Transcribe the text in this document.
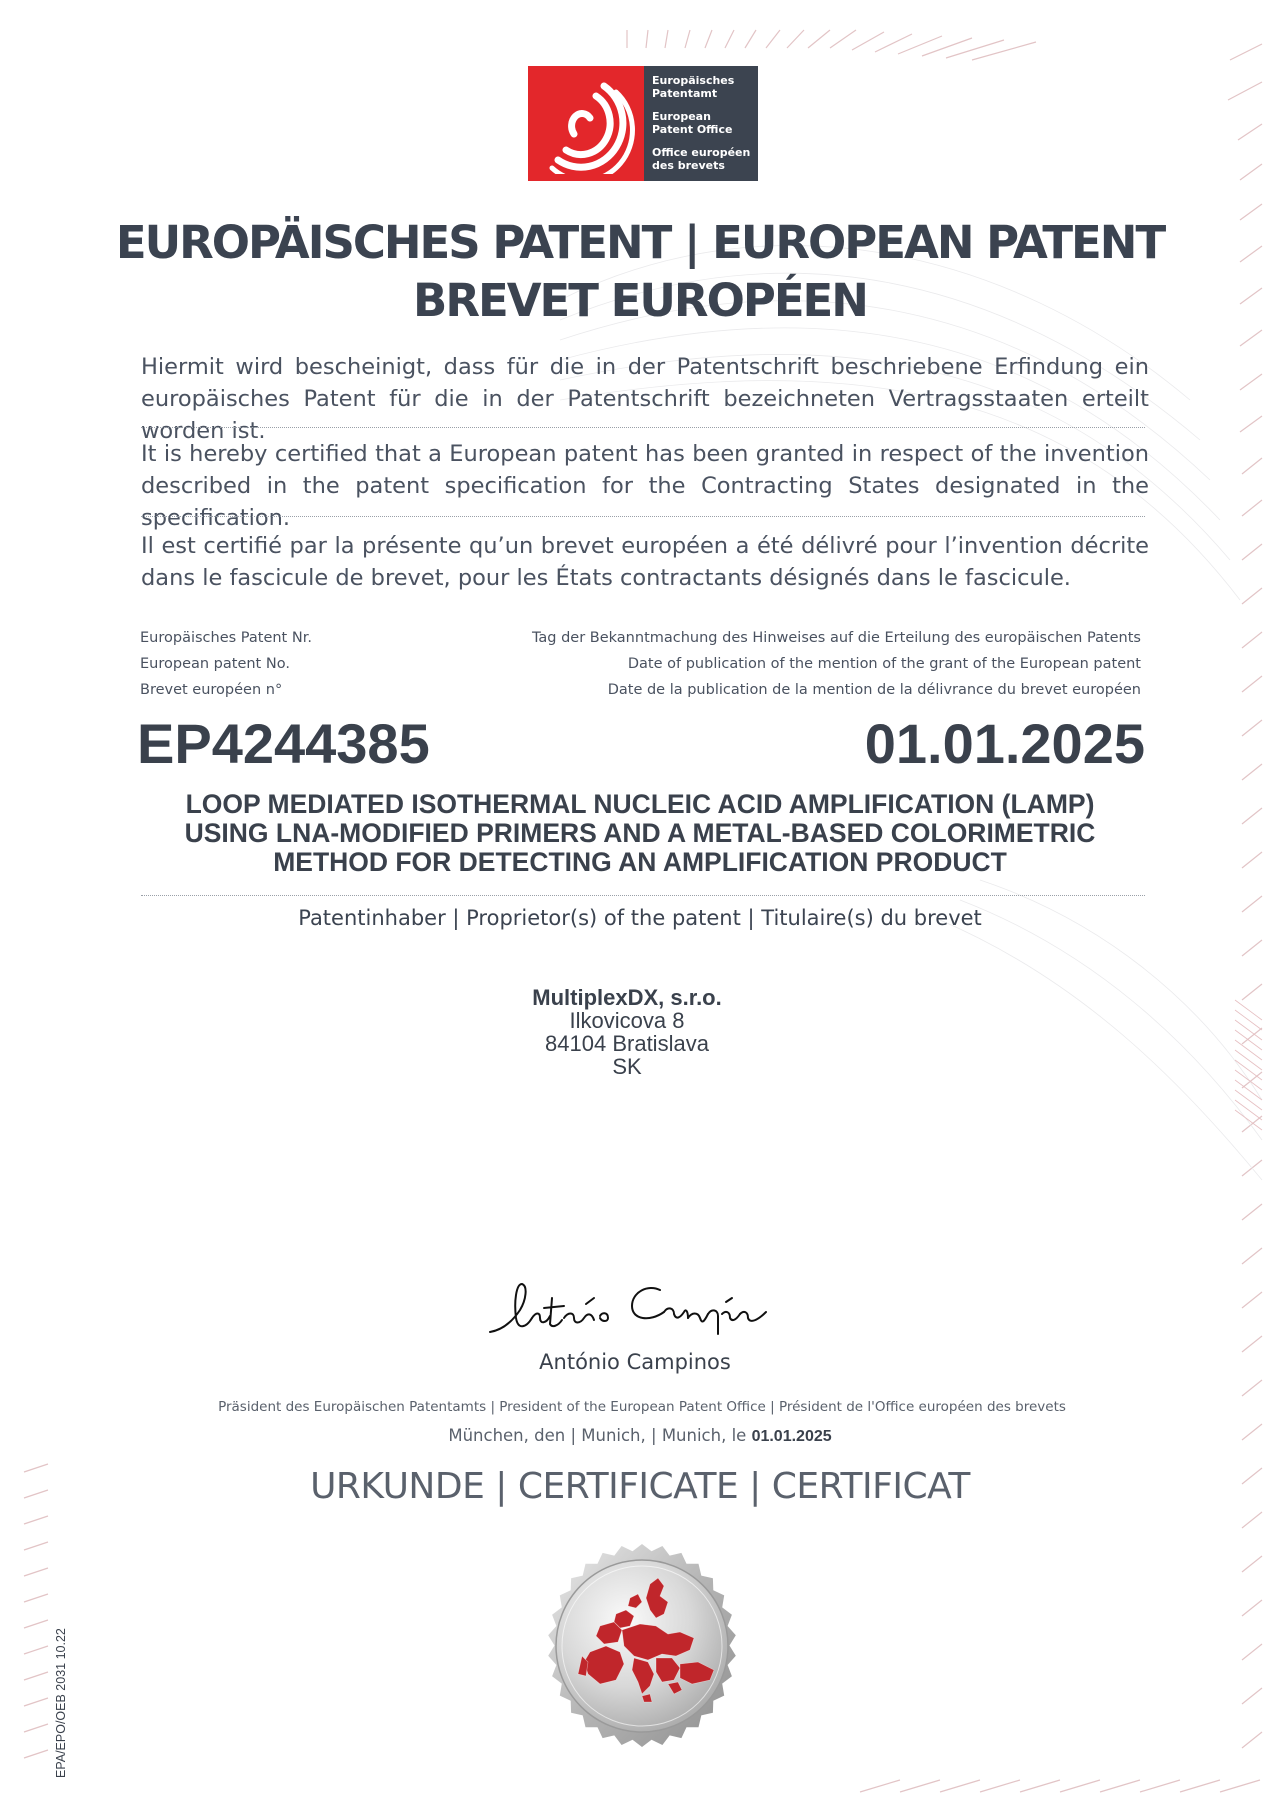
Europäisches
Patentamt
European
Patent Office
Office européen
des brevets
EUROPÄISCHES PATENT | EUROPEAN PATENT
BREVET EUROPÉEN
Hiermit wird bescheinigt, dass für die in der Patentschrift beschriebene Erfindung ein europäisches Patent für die in der Patentschrift bezeichneten Vertragsstaaten erteilt worden ist.
It is hereby certified that a European patent has been granted in respect of the invention described in the patent specification for the Contracting States designated in the specification.
Il est certifié par la présente qu’un brevet européen a été délivré pour l’invention décrite dans le fascicule de brevet, pour les États contractants désignés dans le fascicule.
Europäisches Patent Nr.
European patent No.
Brevet européen n°
Tag der Bekanntmachung des Hinweises auf die Erteilung des europäischen Patents
Date of publication of the mention of the grant of the European patent
Date de la publication de la mention de la délivrance du brevet européen
EP4244385	01.01.2025
LOOP MEDIATED ISOTHERMAL NUCLEIC ACID AMPLIFICATION (LAMP)
USING LNA-MODIFIED PRIMERS AND A METAL-BASED COLORIMETRIC
METHOD FOR DETECTING AN AMPLIFICATION PRODUCT
Patentinhaber | Proprietor(s) of the patent | Titulaire(s) du brevet
MultiplexDX, s.r.o.
Ilkovicova 8
84104 Bratislava
SK
António Campinos
Präsident des Europäischen Patentamts | President of the European Patent Office | Président de l'Office européen des brevets
München, den | Munich, | Munich, le 01.01.2025
URKUNDE | CERTIFICATE | CERTIFICAT
EPA/EPO/OEB 2031 10.22
